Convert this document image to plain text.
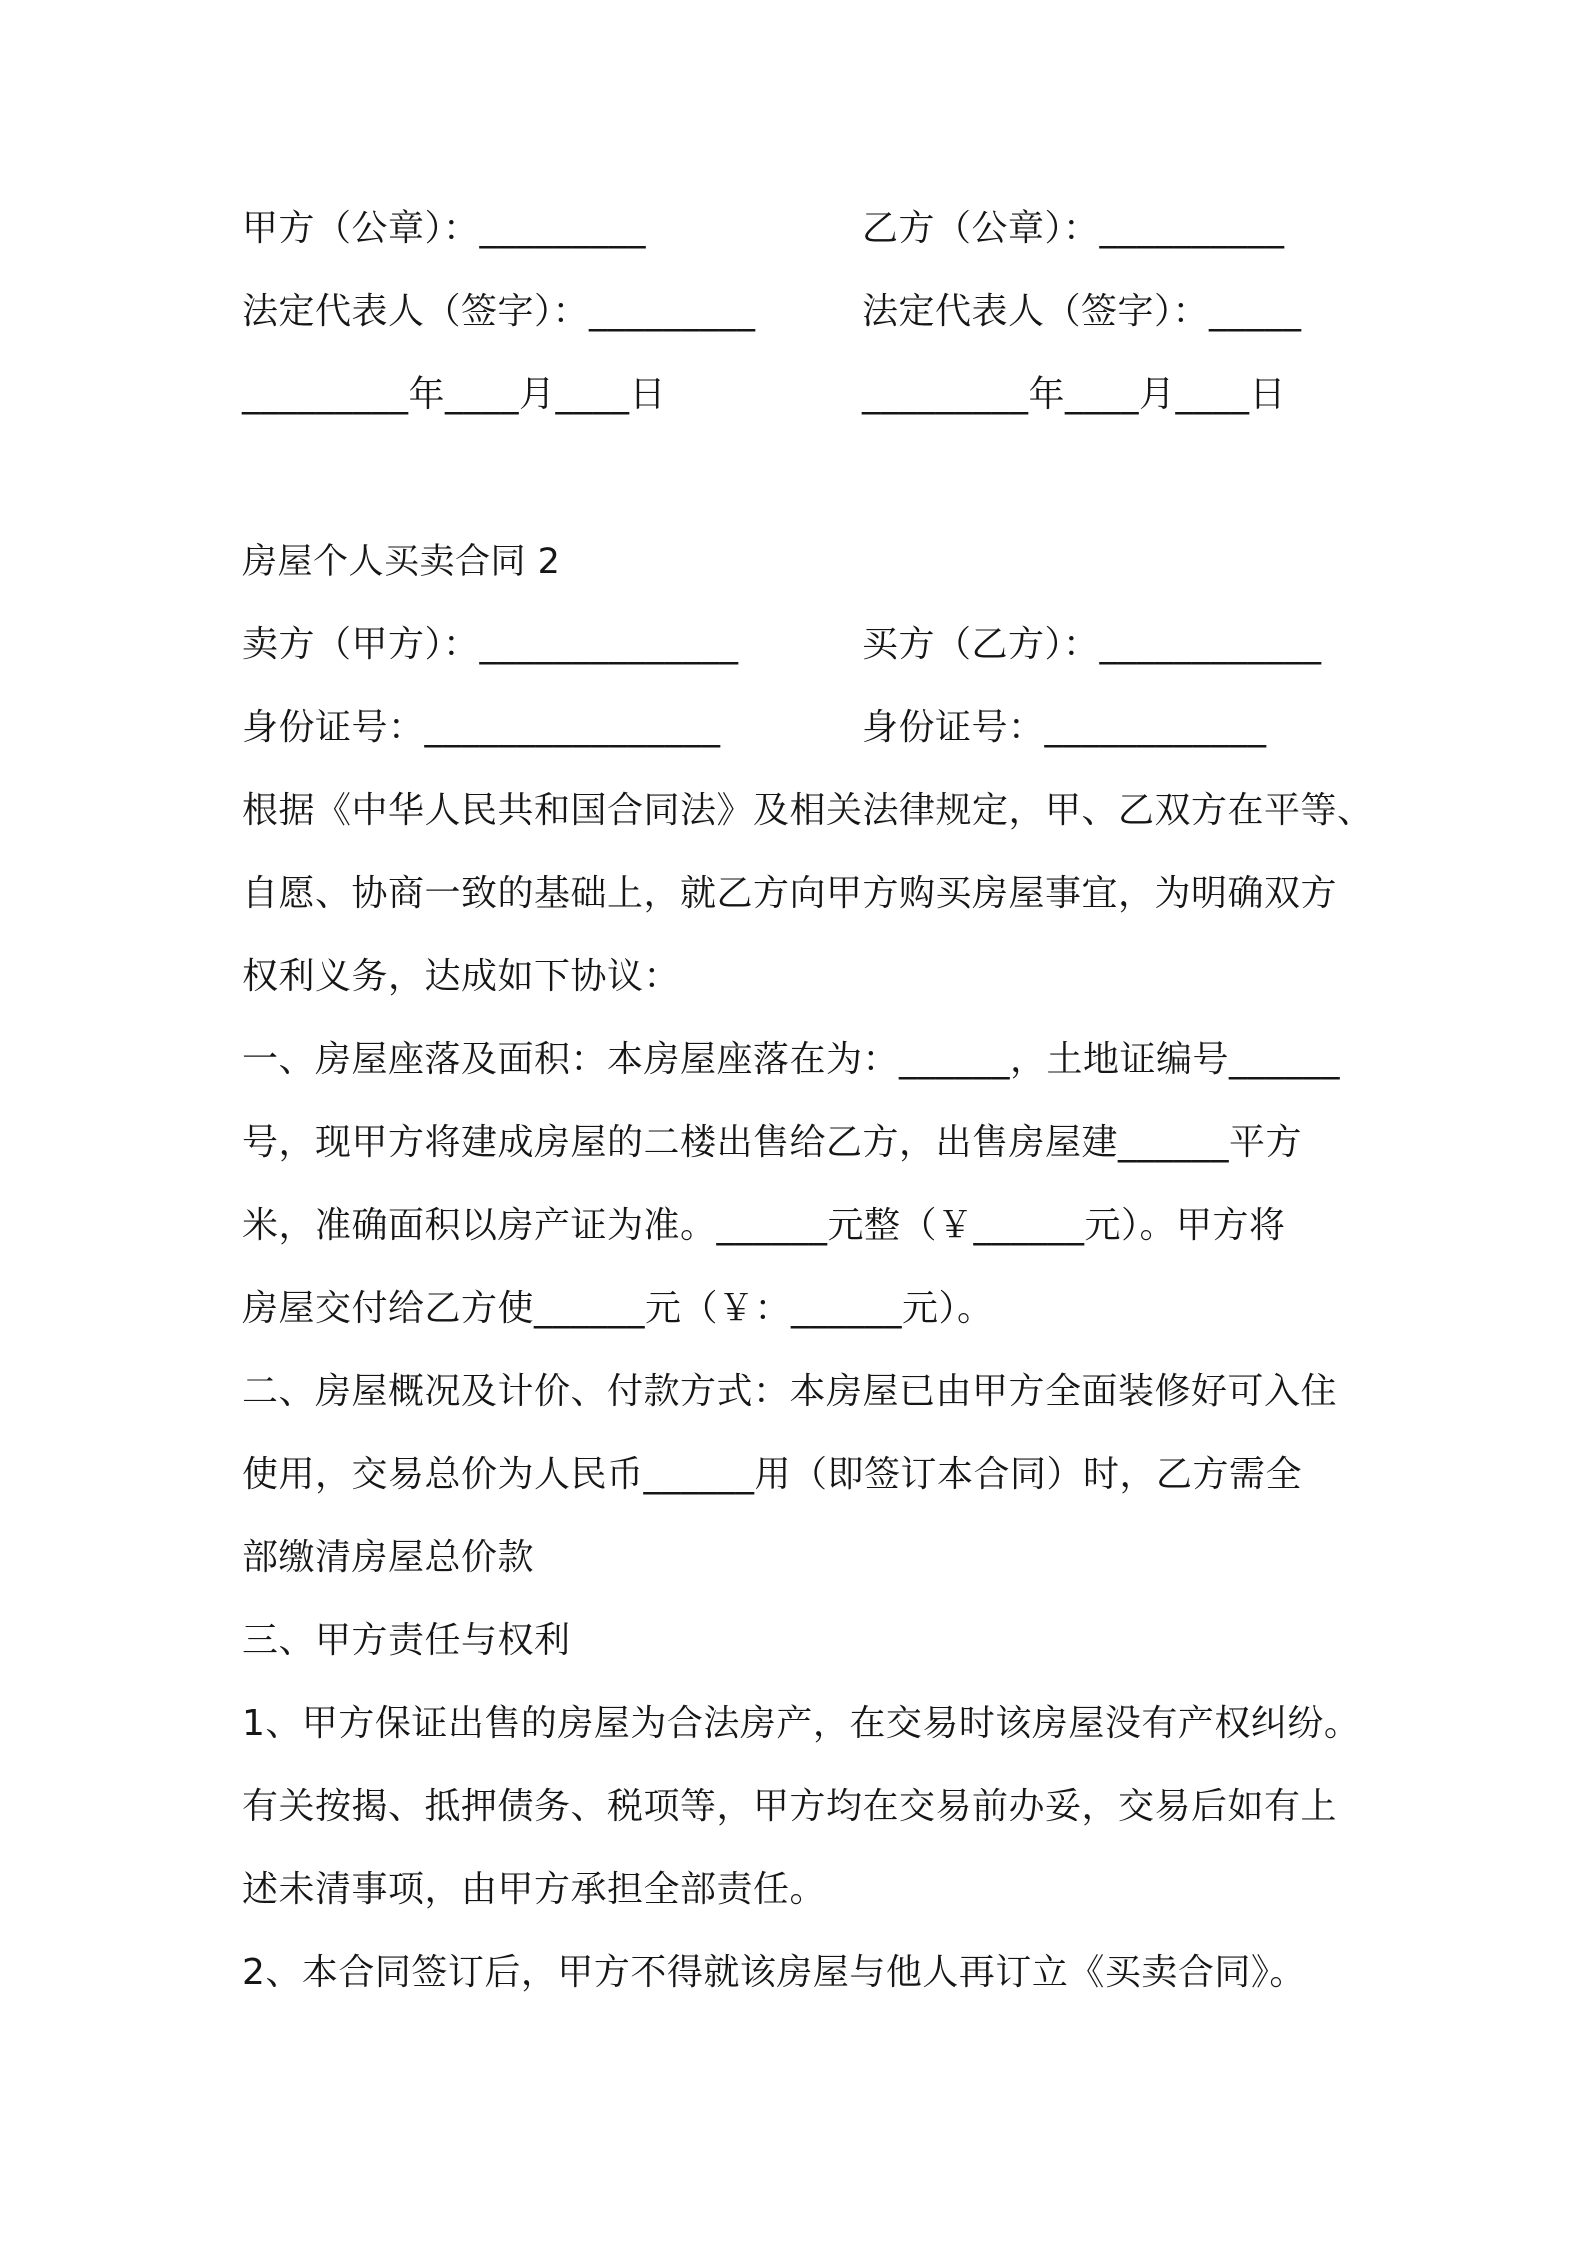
甲方（公章）：_________	乙方（公章）：__________
法定代表人（签字）：_________	法定代表人（签字）：_____
_________年____月____日	_________年____月____日
房屋个人买卖合同 2
卖方（甲方）：______________	买方（乙方）：____________
身份证号：________________	身份证号：____________
根据《中华人民共和国合同法》及相关法律规定，甲、乙双方在平等、
自愿、协商一致的基础上，就乙方向甲方购买房屋事宜，为明确双方
权利义务，达成如下协议：
一、房屋座落及面积：本房屋座落在为：______，土地证编号______
号，现甲方将建成房屋的二楼出售给乙方，出售房屋建______平方
米，准确面积以房产证为准。______元整（￥______元）。甲方将
房屋交付给乙方使______元（￥：______元）。
二、房屋概况及计价、付款方式：本房屋已由甲方全面装修好可入住
使用，交易总价为人民币______用（即签订本合同）时，乙方需全
部缴清房屋总价款
三、甲方责任与权利
1、甲方保证出售的房屋为合法房产，在交易时该房屋没有产权纠纷。
有关按揭、抵押债务、税项等，甲方均在交易前办妥，交易后如有上
述未清事项，由甲方承担全部责任。
2、本合同签订后，甲方不得就该房屋与他人再订立《买卖合同》。
